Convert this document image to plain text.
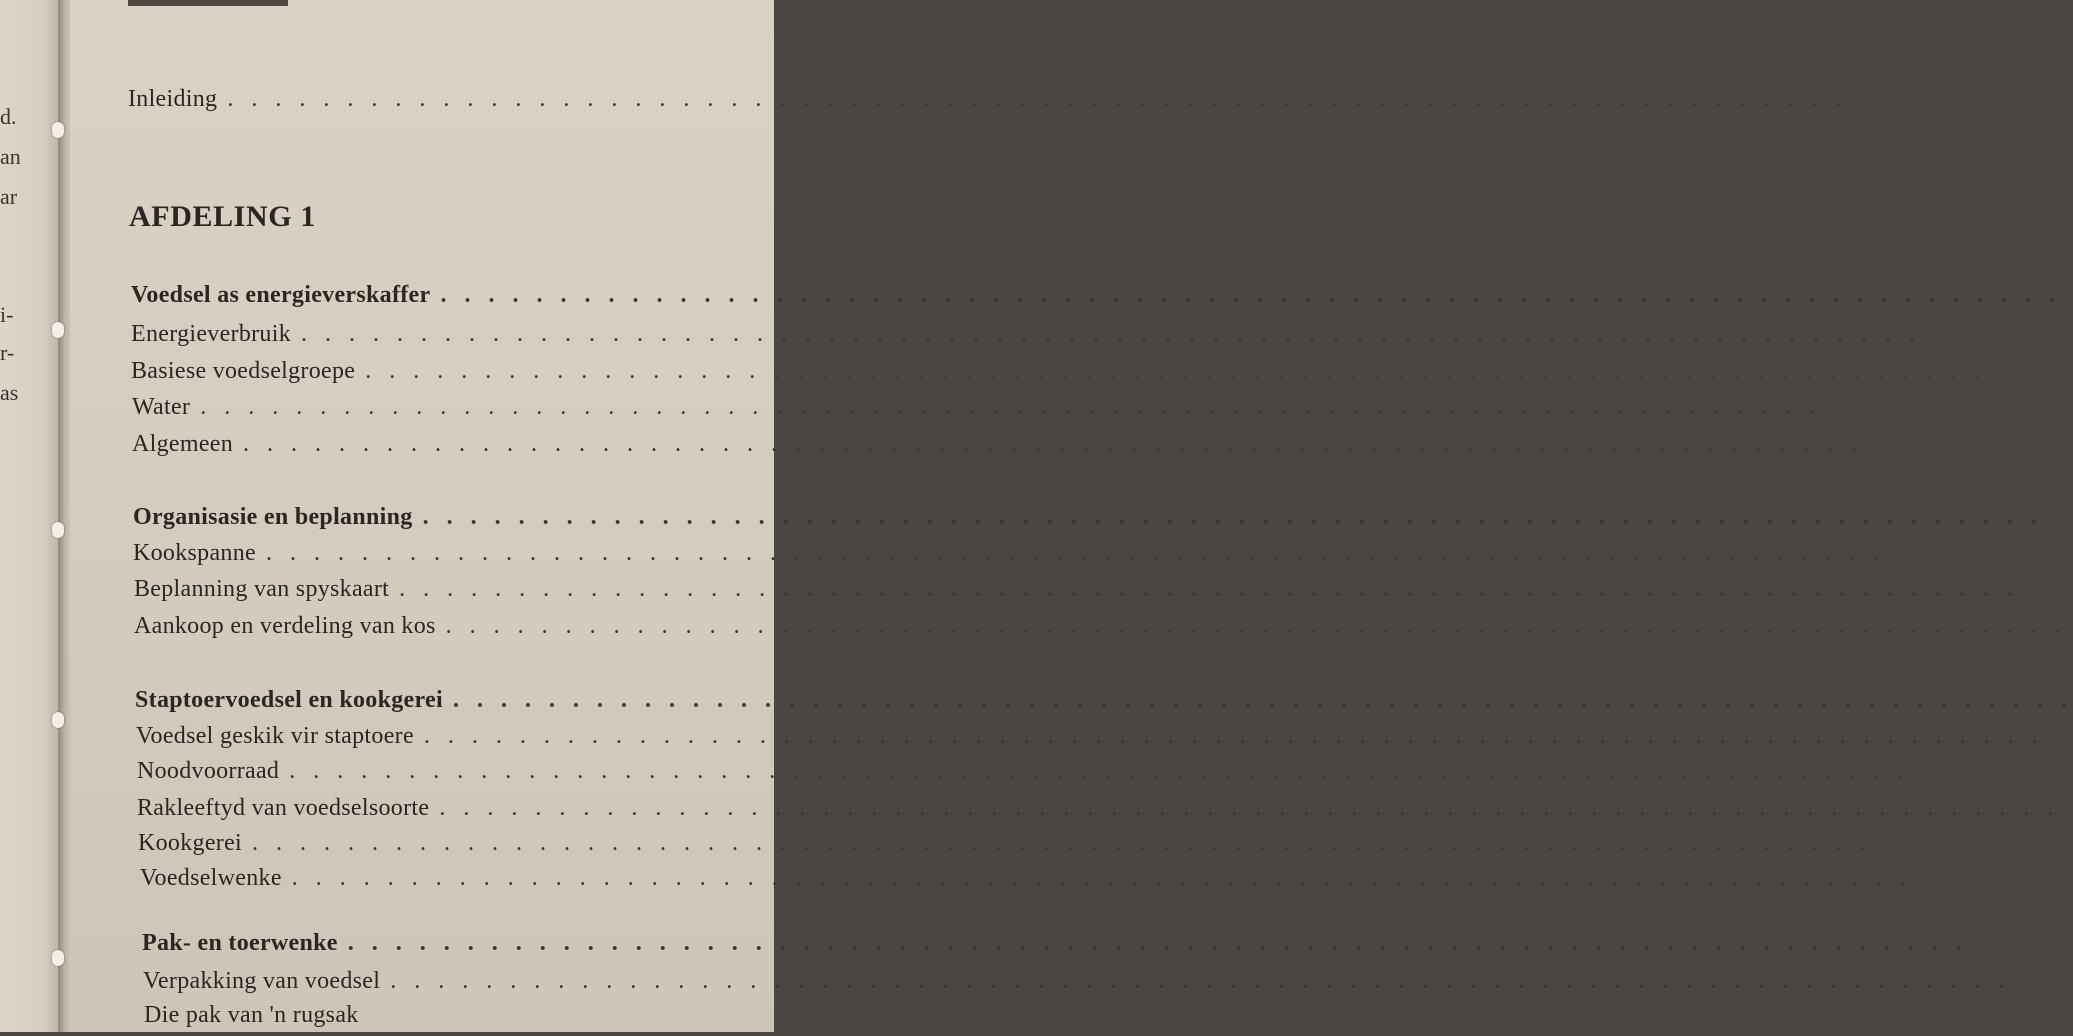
d.
an
ar
i-
r-
as
Inleiding . . . . . . . . . . . . . . . . . . . . . . . . . . . . . . . . . . . . . . . . . . . . . . . . . . . . . . . . . . . . . . . . . . . .
AFDELING 1
Voedsel as energieverskaffer . . . . . . . . . . . . . . . . . . . . . . . . . . . . . . . . . . . . . . . . . . . . . . . . . . . . . . . . . . . . . . . . . . . .
Energieverbruik . . . . . . . . . . . . . . . . . . . . . . . . . . . . . . . . . . . . . . . . . . . . . . . . . . . . . . . . . . . . . . . . . . . .
Basiese voedselgroepe . . . . . . . . . . . . . . . . . . . . . . . . . . . . . . . . . . . . . . . . . . . . . . . . . . . . . . . . . . . . . . . . . . . .
Water . . . . . . . . . . . . . . . . . . . . . . . . . . . . . . . . . . . . . . . . . . . . . . . . . . . . . . . . . . . . . . . . . . . .
Algemeen . . . . . . . . . . . . . . . . . . . . . . . . . . . . . . . . . . . . . . . . . . . . . . . . . . . . . . . . . . . . . . . . . . . .
Organisasie en beplanning . . . . . . . . . . . . . . . . . . . . . . . . . . . . . . . . . . . . . . . . . . . . . . . . . . . . . . . . . . . . . . . . . . . .
Kookspanne . . . . . . . . . . . . . . . . . . . . . . . . . . . . . . . . . . . . . . . . . . . . . . . . . . . . . . . . . . . . . . . . . . . .
Beplanning van spyskaart . . . . . . . . . . . . . . . . . . . . . . . . . . . . . . . . . . . . . . . . . . . . . . . . . . . . . . . . . . . . . . . . . . . .
Aankoop en verdeling van kos . . . . . . . . . . . . . . . . . . . . . . . . . . . . . . . . . . . . . . . . . . . . . . . . . . . . . . . . . . . . . . . . . . . .
Staptoervoedsel en kookgerei . . . . . . . . . . . . . . . . . . . . . . . . . . . . . . . . . . . . . . . . . . . . . . . . . . . . . . . . . . . . . . . . . . . .
Voedsel geskik vir staptoere . . . . . . . . . . . . . . . . . . . . . . . . . . . . . . . . . . . . . . . . . . . . . . . . . . . . . . . . . . . . . . . . . . . .
Noodvoorraad . . . . . . . . . . . . . . . . . . . . . . . . . . . . . . . . . . . . . . . . . . . . . . . . . . . . . . . . . . . . . . . . . . . .
Rakleeftyd van voedselsoorte . . . . . . . . . . . . . . . . . . . . . . . . . . . . . . . . . . . . . . . . . . . . . . . . . . . . . . . . . . . . . . . . . . . .
Kookgerei . . . . . . . . . . . . . . . . . . . . . . . . . . . . . . . . . . . . . . . . . . . . . . . . . . . . . . . . . . . . . . . . . . . .
Voedselwenke . . . . . . . . . . . . . . . . . . . . . . . . . . . . . . . . . . . . . . . . . . . . . . . . . . . . . . . . . . . . . . . . . . . .
Pak- en toerwenke . . . . . . . . . . . . . . . . . . . . . . . . . . . . . . . . . . . . . . . . . . . . . . . . . . . . . . . . . . . . . . . . . . . .
Verpakking van voedsel . . . . . . . . . . . . . . . . . . . . . . . . . . . . . . . . . . . . . . . . . . . . . . . . . . . . . . . . . . . . . . . . . . . .
Die pak van 'n rugsak
